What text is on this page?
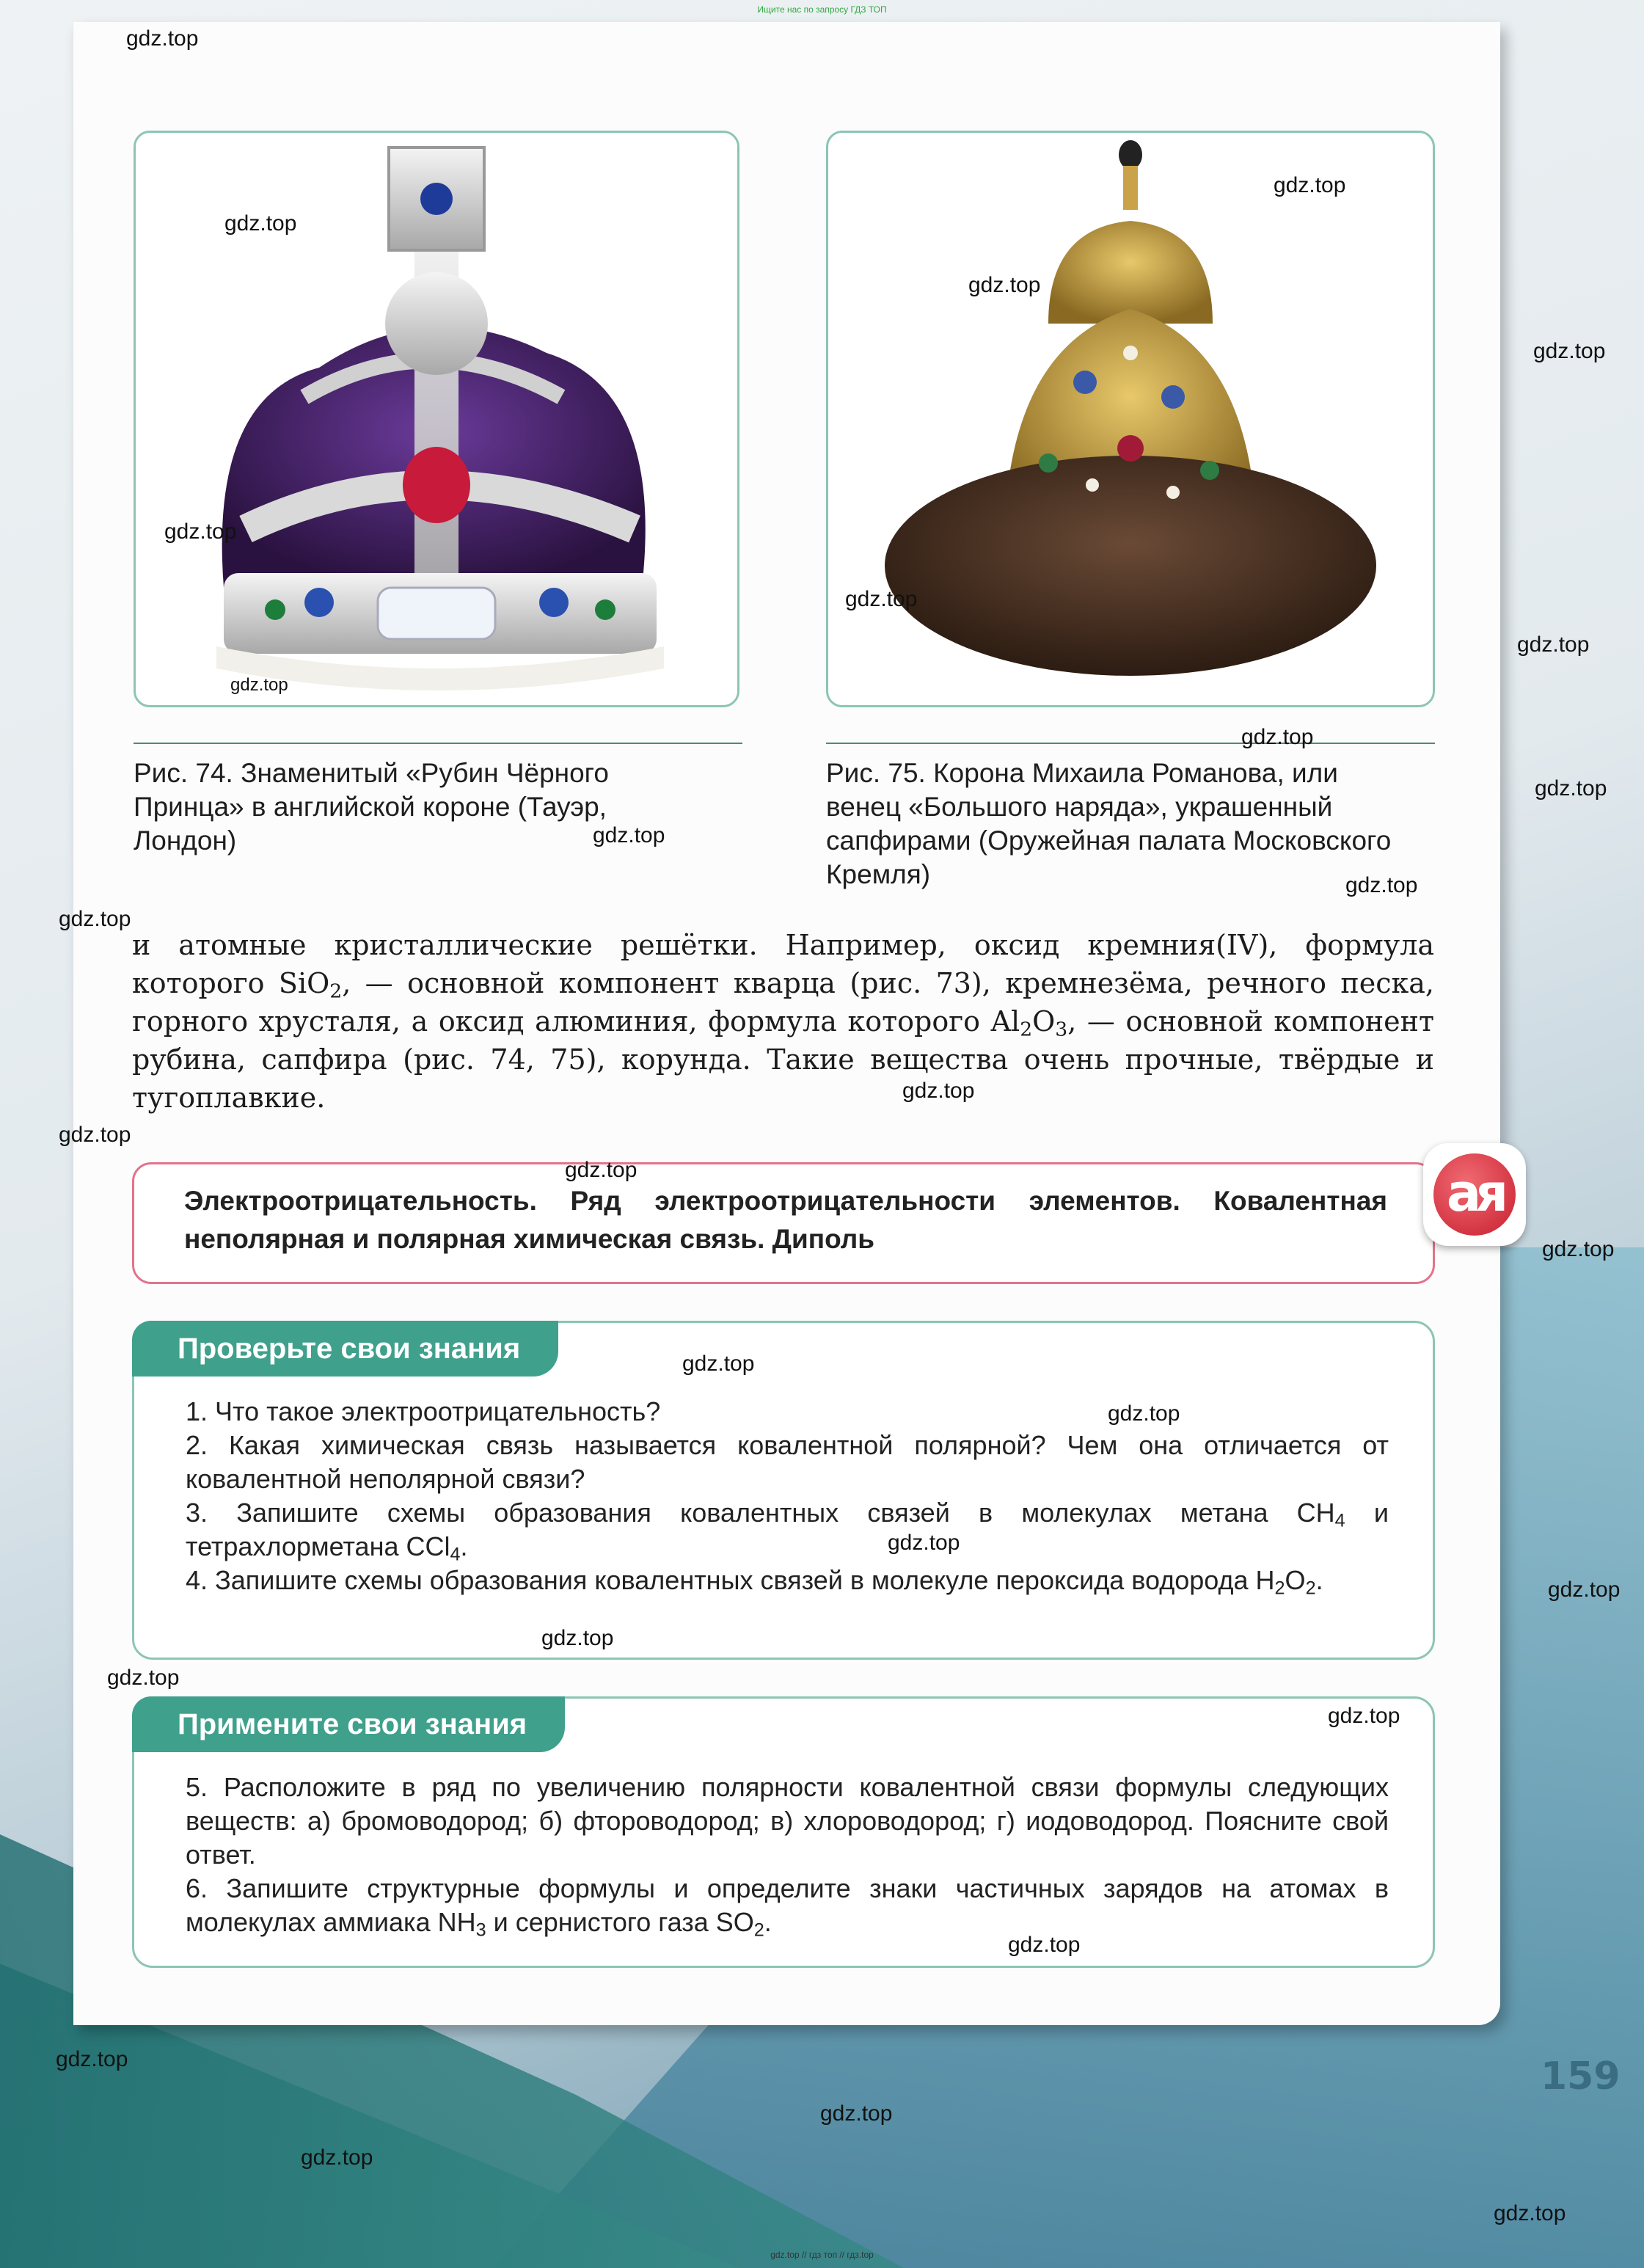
Ищите нас по запросу ГДЗ ТОП
Рис. 74. Знаменитый «Рубин Чёрного Принца» в английской короне (Тауэр, Лондон)
Рис. 75. Корона Михаила Романова, или венец «Большого наряда», украшенный сапфирами (Оружейная палата Московского Кремля)
и атомные кристаллические решётки. Например, оксид кремния(IV), формула которого SiO$_2$, — основной компонент кварца (рис. 73), кремнезёма, речного песка, горного хрусталя, а оксид алюминия, формула которого $Al_2O_3$, — основной компонент рубина, сапфира (рис. 74, 75), корунда. Такие вещества очень прочные, твёрдые и тугоплавкие.

Электроотрицательность. Ряд электроотрицательности элементов. Ковалентная неполярная и полярная химическая связь. Диполь

ая
Проверьте свои знания
1. Что такое электроотрицательность?
2. Какая химическая связь называется ковалентной полярной? Чем она отличается от ковалентной неполярной связи?
3. Запишите схемы образования ковалентных связей в молекулах метана $CH_4$ и тетрахлорметана CCl$_4$.
4. Запишите схемы образования ковалентных связей в молекуле пероксида водорода $H_2O_2$.
Примените свои знания
5. Расположите в ряд по увеличению полярности ковалентной связи формулы следующих веществ: а) бромоводород; б) фтороводород; в) хлороводород; г) иодоводород. Поясните свой ответ.
6. Запишите структурные формулы и определите знаки частичных зарядов на атомах в молекулах аммиака $NH_3$ и сернистого газа $SO_2$.
159
gdz.top
gdz.top
gdz.top
gdz.top
gdz.top
gdz.top
gdz.top
gdz.top
gdz.top
gdz.top
gdz.top
gdz.top
gdz.top
gdz.top
gdz.top
gdz.top
gdz.top
gdz.top
gdz.top
gdz.top
gdz.top
gdz.top
gdz.top
gdz.top
gdz.top
gdz.top
gdz.top
gdz.top
gdz.top
gdz.top
gdz.top // гдз топ // гдз.top
